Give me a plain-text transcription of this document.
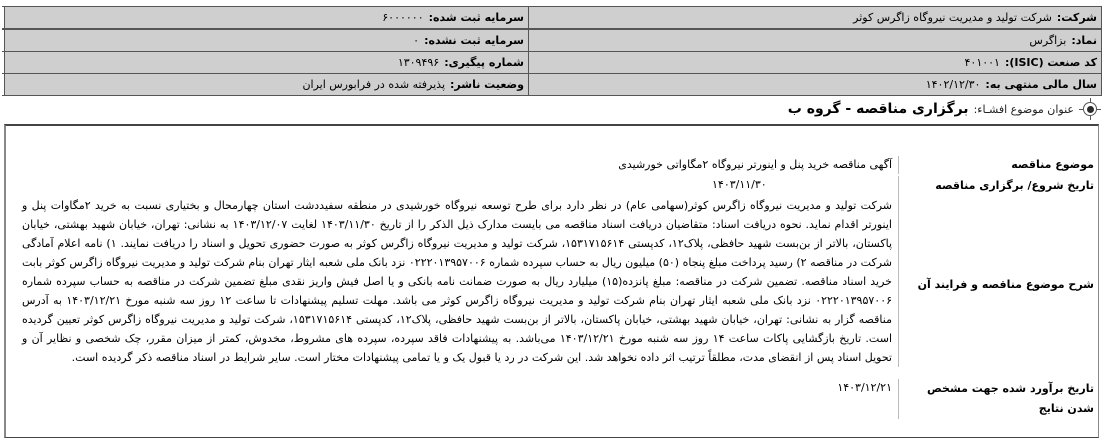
شرکت:
شرکت تولید و مدیریت نیروگاه زاگرس کوثر
سرمایه ثبت شده:
۶۰۰۰۰۰۰
نماد:
بزاگرس
سرمایه ثبت نشده:
۰
کد صنعت (ISIC):
۴۰۱۰۰۱
شماره پیگیری:
۱۳۰۹۴۹۶
سال مالی منتهی به:
۱۴۰۲/۱۲/۳۰
وضعیت ناشر:
پذیرفته شده در فرابورس ایران
عنوان موضوع افشـاء:
برگزاری مناقصه - گروه ب
موضوع مناقصه
آگهی مناقصه خرید پنل و اینورتر نیروگاه ۲مگاواتی خورشیدی
تاریخ شروع/ برگزاری مناقصه
۱۴۰۳/۱۱/۳۰
شرح موضوع مناقصه و فرایند آن
شرکت تولید و مدیریت نیروگاه زاگرس کوثر(سهامی عام) در نظر دارد برای طرح توسعه نیروگاه خورشیدی در منطقه سفیددشت استان چهارمحال و بختیاری نسبت به خرید ۲مگاوات پنل و اینورتر اقدام نماید. نحوه دریافت اسناد: متقاضیان دریافت اسناد مناقصه می بایست مدارک ذیل الذکر را از تاریخ ۱۴۰۳/۱۱/۳۰ لغایت ۱۴۰۳/۱۲/۰۷ به نشانی: تهران، خیابان شهید بهشتی، خیابان پاکستان، بالاتر از بن‌بست شهید حافظی، پلاک۱۲، کدپستی ۱۵۳۱۷۱۵۶۱۴، شرکت تولید و مدیریت نیروگاه زاگرس کوثر به صورت حضوری تحویل و اسناد را دریافت نمایند. ۱) نامه اعلام آمادگی شرکت در مناقصه ۲) رسید پرداخت مبلغ پنجاه (۵۰) میلیون ریال به حساب سپرده شماره ۰۲۲۲۰۱۳۹۵۷۰۰۶ نزد بانک ملی شعبه ایثار تهران بنام شرکت تولید و مدیریت نیروگاه زاگرس کوثر بابت خرید اسناد مناقصه. تضمین شرکت در مناقصه: مبلغ پانزده(۱۵) میلیارد ریال به صورت ضمانت نامه بانکی و یا اصل فیش واریز نقدی مبلغ تضمین شرکت در مناقصه به حساب سپرده شماره ۰۲۲۲۰۱۳۹۵۷۰۰۶ نزد بانک ملی شعبه ایثار تهران بنام شرکت تولید و مدیریت نیروگاه زاگرس کوثر می باشد. مهلت تسلیم پیشنهادات تا ساعت ۱۲ روز سه شنبه مورخ ۱۴۰۳/۱۲/۲۱ به آدرس مناقصه گزار به نشانی: تهران، خیابان شهید بهشتی، خیابان پاکستان، بالاتر از بن‌بست شهید حافظی، پلاک۱۲، کدپستی ۱۵۳۱۷۱۵۶۱۴، شرکت تولید و مدیریت نیروگاه زاگرس کوثر تعیین گردیده است. تاریخ بازگشایی پاکات ساعت ۱۴ روز سه شنبه مورخ ۱۴۰۳/۱۲/۲۱ می‌باشد. به پیشنهادات فاقد سپرده، سپرده های مشروط، مخدوش، کمتر از میزان مقرر، چک شخصی و نظایر آن و تحویل اسناد پس از انقضای مدت، مطلقاً ترتیب اثر داده نخواهد شد. این شرکت در رد یا قبول یک و یا تمامی پیشنهادات مختار است. سایر شرایط در اسناد مناقصه ذکر گردیده است.
تاریخ برآورد شده جهت مشخص شدن نتایج
۱۴۰۳/۱۲/۲۱
